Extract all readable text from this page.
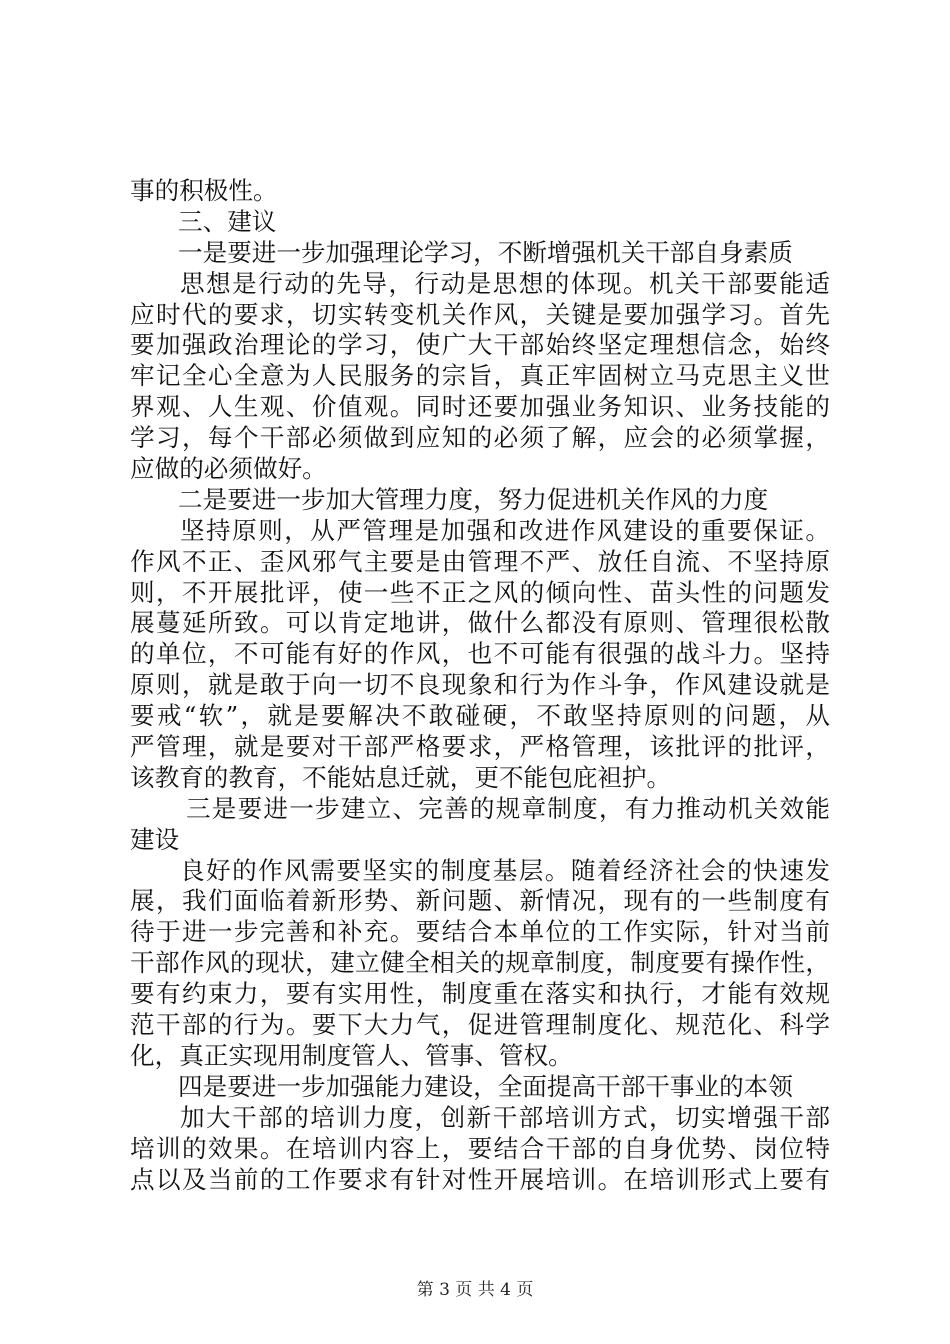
事的积极性。
三、建议
一是要进一步加强理论学习，不断增强机关干部自身素质
思想是行动的先导，行动是思想的体现。机关干部要能适
应时代的要求，切实转变机关作风，关键是要加强学习。首先
要加强政治理论的学习，使广大干部始终坚定理想信念，始终
牢记全心全意为人民服务的宗旨，真正牢固树立马克思主义世
界观、人生观、价值观。同时还要加强业务知识、业务技能的
学习，每个干部必须做到应知的必须了解，应会的必须掌握，
应做的必须做好。
二是要进一步加大管理力度，努力促进机关作风的力度
坚持原则，从严管理是加强和改进作风建设的重要保证。
作风不正、歪风邪气主要是由管理不严、放任自流、不坚持原
则，不开展批评，使一些不正之风的倾向性、苗头性的问题发
展蔓延所致。可以肯定地讲，做什么都没有原则、管理很松散
的单位，不可能有好的作风，也不可能有很强的战斗力。坚持
原则，就是敢于向一切不良现象和行为作斗争，作风建设就是
要戒“软”，就是要解决不敢碰硬，不敢坚持原则的问题，从
严管理，就是要对干部严格要求，严格管理，该批评的批评，
该教育的教育，不能姑息迁就，更不能包庇袒护。
三是要进一步建立、完善的规章制度，有力推动机关效能
建设
良好的作风需要坚实的制度基层。随着经济社会的快速发
展，我们面临着新形势、新问题、新情况，现有的一些制度有
待于进一步完善和补充。要结合本单位的工作实际，针对当前
干部作风的现状，建立健全相关的规章制度，制度要有操作性，
要有约束力，要有实用性，制度重在落实和执行，才能有效规
范干部的行为。要下大力气，促进管理制度化、规范化、科学
化，真正实现用制度管人、管事、管权。
四是要进一步加强能力建设，全面提高干部干事业的本领
加大干部的培训力度，创新干部培训方式，切实增强干部
培训的效果。在培训内容上，要结合干部的自身优势、岗位特
点以及当前的工作要求有针对性开展培训。在培训形式上要有
第 3 页 共 4 页
